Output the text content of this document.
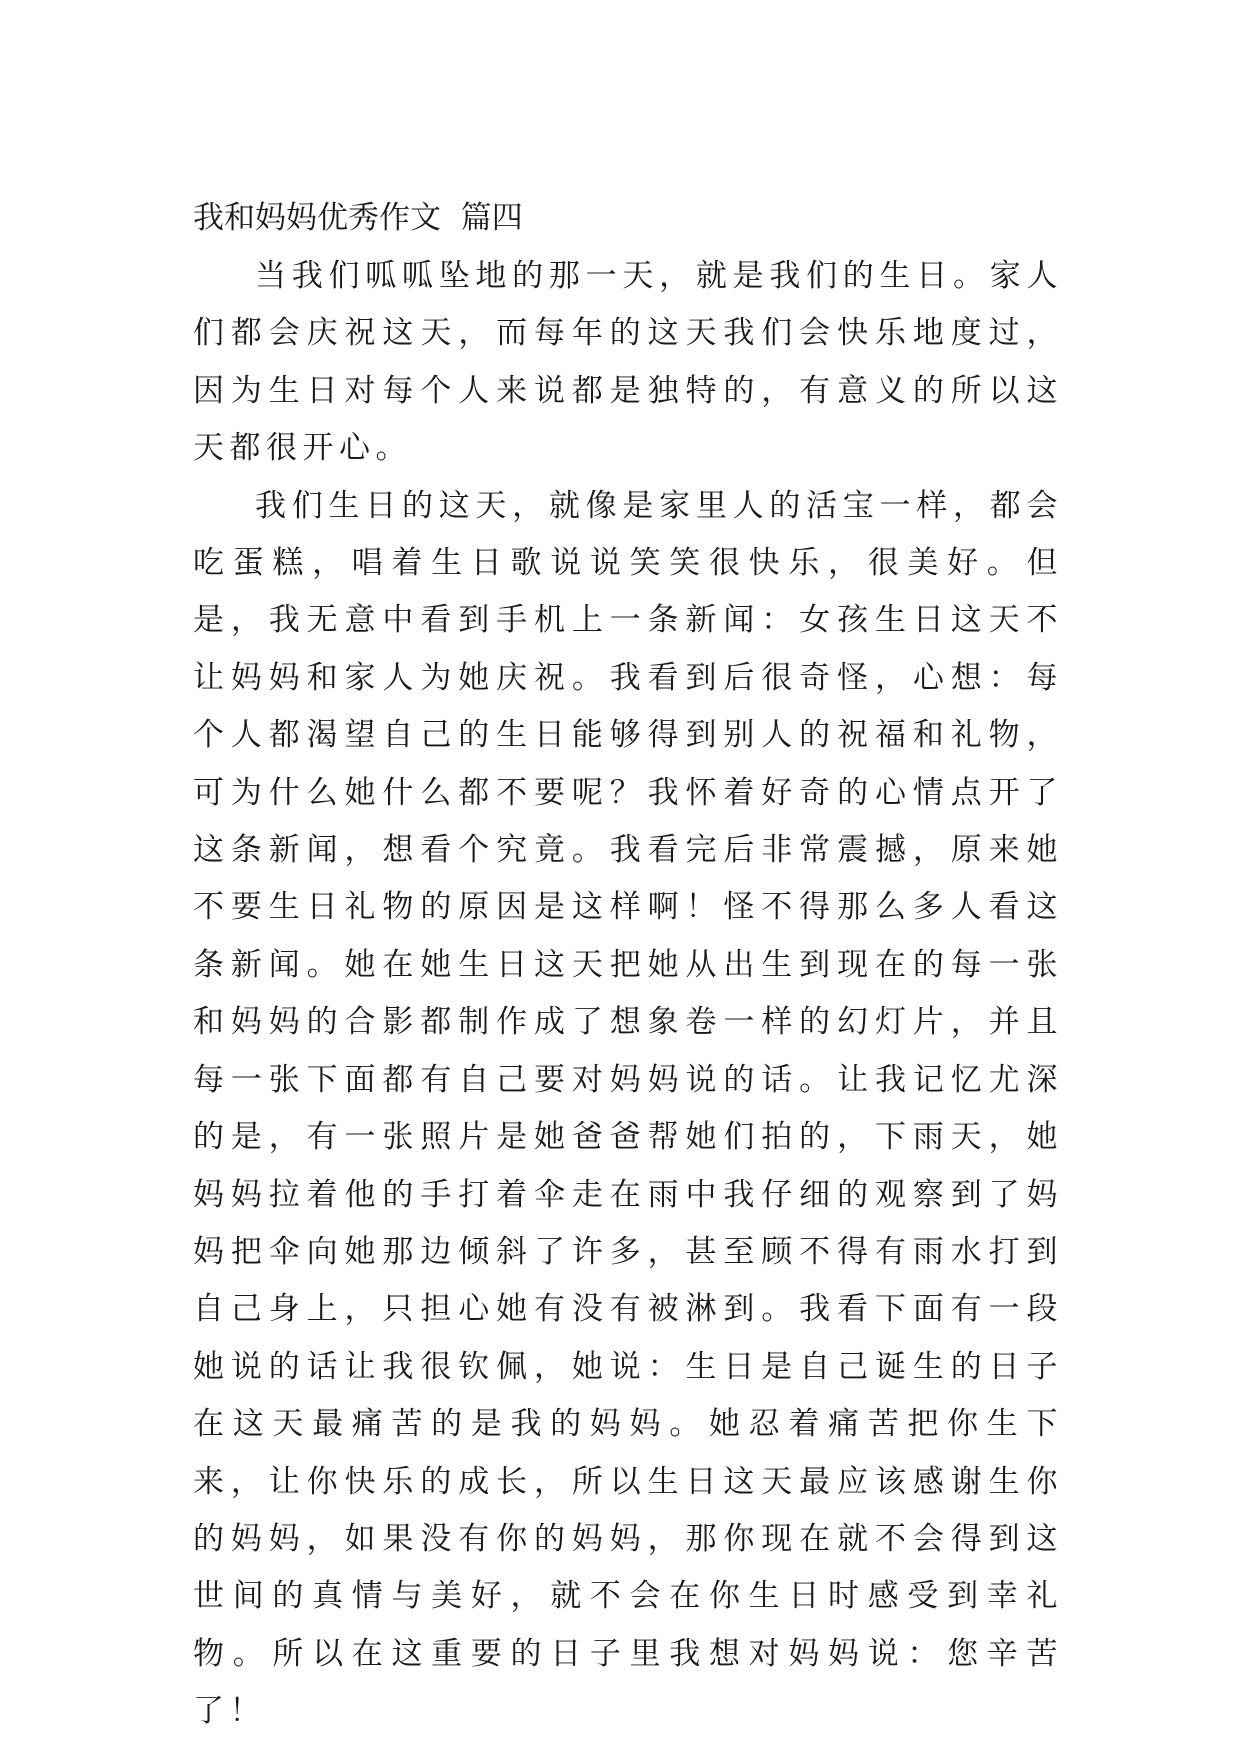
我和妈妈优秀作文  篇四

当我们呱呱坠地的那一天，就是我们的生日。家人们都会庆祝这天，而每年的这天我们会快乐地度过，因为生日对每个人来说都是独特的，有意义的所以这天都很开心。

我们生日的这天，就像是家里人的活宝一样，都会吃蛋糕，唱着生日歌说说笑笑很快乐，很美好。但是，我无意中看到手机上一条新闻：女孩生日这天不让妈妈和家人为她庆祝。我看到后很奇怪，心想：每个人都渴望自己的生日能够得到别人的祝福和礼物，可为什么她什么都不要呢？我怀着好奇的心情点开了这条新闻，想看个究竟。我看完后非常震撼，原来她不要生日礼物的原因是这样啊！怪不得那么多人看这条新闻。她在她生日这天把她从出生到现在的每一张和妈妈的合影都制作成了想象卷一样的幻灯片，并且每一张下面都有自己要对妈妈说的话。让我记忆尤深的是，有一张照片是她爸爸帮她们拍的，下雨天，她妈妈拉着他的手打着伞走在雨中我仔细的观察到了妈妈把伞向她那边倾斜了许多，甚至顾不得有雨水打到自己身上，只担心她有没有被淋到。我看下面有一段她说的话让我很钦佩，她说：生日是自己诞生的日子在这天最痛苦的是我的妈妈。她忍着痛苦把你生下来，让你快乐的成长，所以生日这天最应该感谢生你的妈妈，如果没有你的妈妈，那你现在就不会得到这世间的真情与美好，就不会在你生日时感受到幸礼物。所以在这重要的日子里我想对妈妈说：您辛苦了！
